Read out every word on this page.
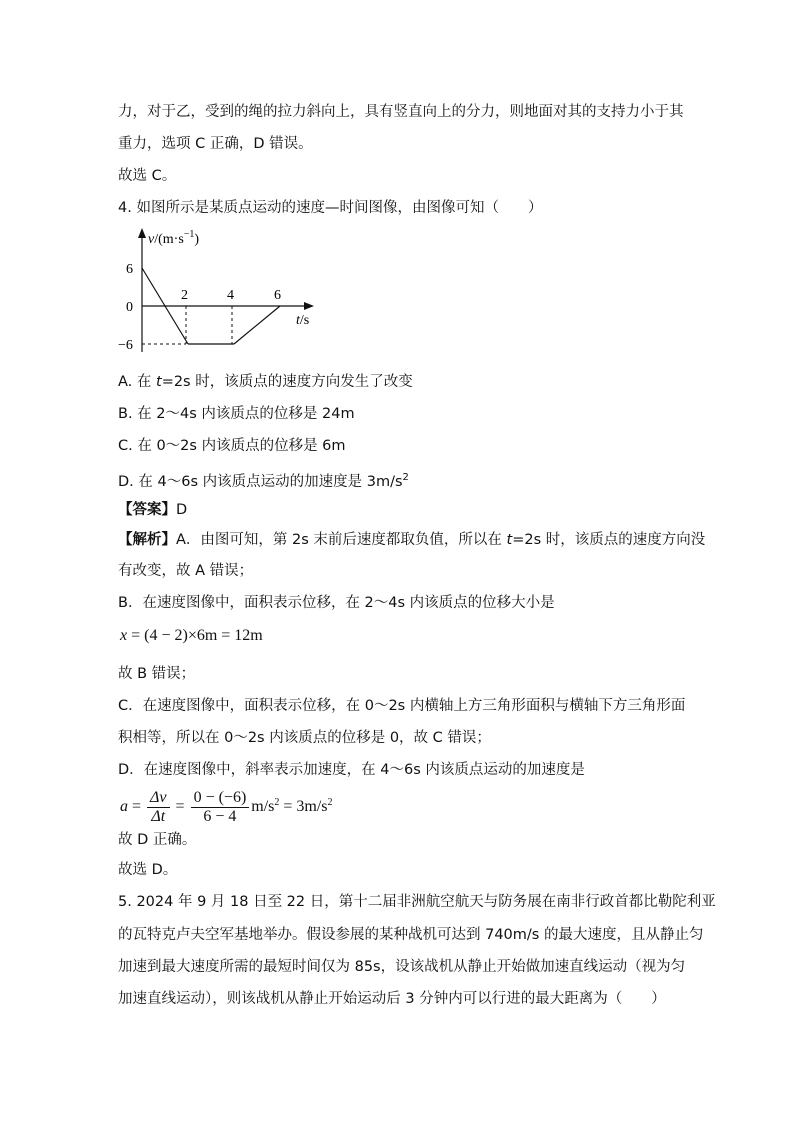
力，对于乙，受到的绳的拉力斜向上，具有竖直向上的分力，则地面对其的支持力小于其
重力，选项 C 正确，D 错误。
故选 C。
4. 如图所示是某质点运动的速度—时间图像，由图像可知（　　）
$v/(m\cdot s^{-1})$
6
0
−6
2	4	6
t/s
A. 在 t=2s 时，该质点的速度方向发生了改变
B. 在 2～4s 内该质点的位移是 24m
C. 在 0～2s 内该质点的位移是 6m
D. 在 4～6s 内该质点运动的加速度是 $3m/s^2$
【答案】D
【解析】A．由图可知，第 2s 末前后速度都取负值，所以在 t=2s 时，该质点的速度方向没
有改变，故 A 错误；
B．在速度图像中，面积表示位移，在 2～4s 内该质点的位移大小是
x = (4 − 2)×6m = 12m
故 B 错误；
C．在速度图像中，面积表示位移，在 0～2s 内横轴上方三角形面积与横轴下方三角形面
积相等，所以在 0～2s 内该质点的位移是 0，故 C 错误；
D．在速度图像中，斜率表示加速度，在 4～6s 内该质点运动的加速度是
$a = \frac{\Delta v}{\Delta t} = \frac{0 - (-6)}{6 - 4} m/s^2 = 3m/s^2$
故 D 正确。
故选 D。
5. 2024 年 9 月 18 日至 22 日，第十二届非洲航空航天与防务展在南非行政首都比勒陀利亚
的瓦特克卢夫空军基地举办。假设参展的某种战机可达到 740m/s 的最大速度，且从静止匀
加速到最大速度所需的最短时间仅为 85s，设该战机从静止开始做加速直线运动（视为匀
加速直线运动），则该战机从静止开始运动后 3 分钟内可以行进的最大距离为（　　）
